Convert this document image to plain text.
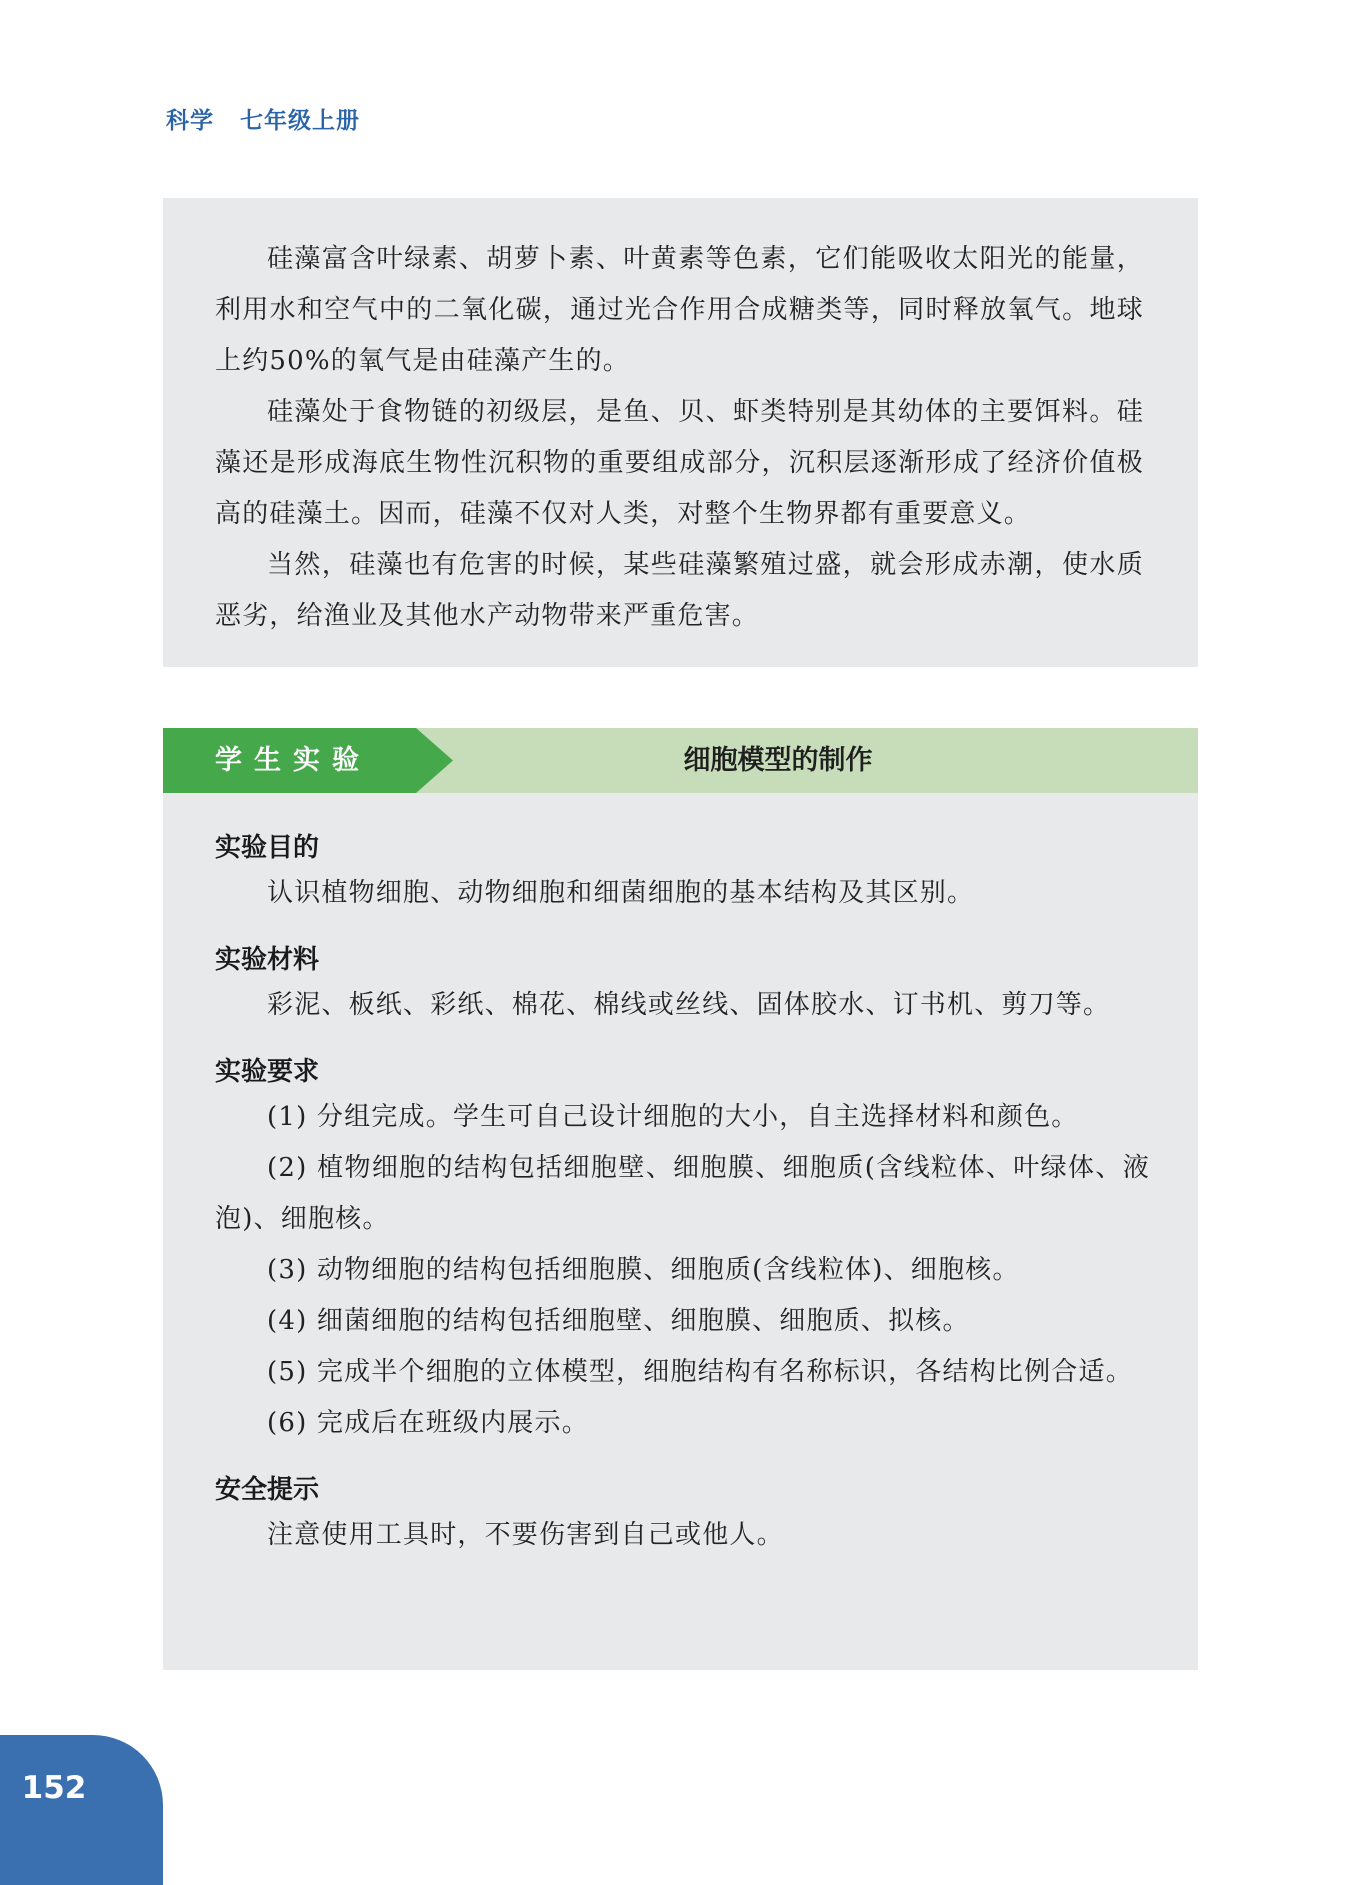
科学 七年级上册

硅藻富含叶绿素、胡萝卜素、叶黄素等色素，它们能吸收太阳光的能量，利用水和空气中的二氧化碳，通过光合作用合成糖类等，同时释放氧气。地球上约50%的氧气是由硅藻产生的。

硅藻处于食物链的初级层，是鱼、贝、虾类特别是其幼体的主要饵料。硅藻还是形成海底生物性沉积物的重要组成部分，沉积层逐渐形成了经济价值极高的硅藻土。因而，硅藻不仅对人类，对整个生物界都有重要意义。

当然，硅藻也有危害的时候，某些硅藻繁殖过盛，就会形成赤潮，使水质恶劣，给渔业及其他水产动物带来严重危害。

学生实验	细胞模型的制作
实验目的

认识植物细胞、动物细胞和细菌细胞的基本结构及其区别。

实验材料

彩泥、板纸、彩纸、棉花、棉线或丝线、固体胶水、订书机、剪刀等。

实验要求

(1) 分组完成。学生可自己设计细胞的大小，自主选择材料和颜色。

(2) 植物细胞的结构包括细胞壁、细胞膜、细胞质(含线粒体、叶绿体、液泡)、细胞核。

(3) 动物细胞的结构包括细胞膜、细胞质(含线粒体)、细胞核。

(4) 细菌细胞的结构包括细胞壁、细胞膜、细胞质、拟核。

(5) 完成半个细胞的立体模型，细胞结构有名称标识，各结构比例合适。

(6) 完成后在班级内展示。

安全提示

注意使用工具时，不要伤害到自己或他人。

152
